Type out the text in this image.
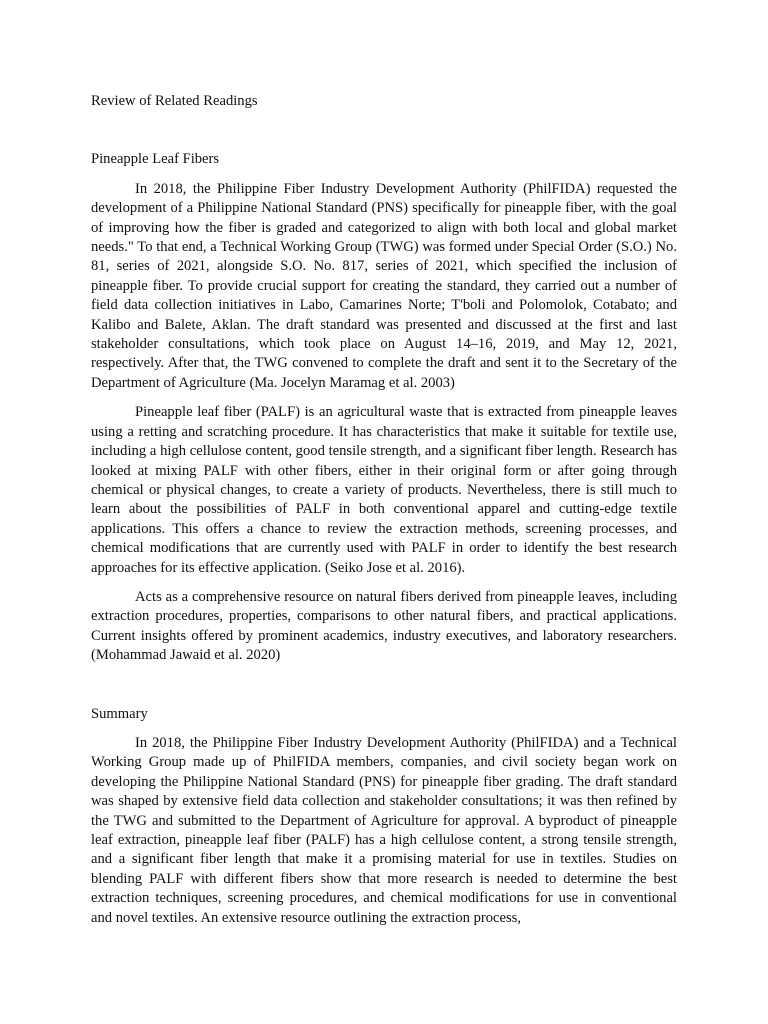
Review of Related Readings

Pineapple Leaf Fibers

In 2018, the Philippine Fiber Industry Development Authority (PhilFIDA) requested the development of a Philippine National Standard (PNS) specifically for pineapple fiber, with the goal of improving how the fiber is graded and categorized to align with both local and global market needs." To that end, a Technical Working Group (TWG) was formed under Special Order (S.O.) No. 81, series of 2021, alongside S.O. No. 817, series of 2021, which specified the inclusion of pineapple fiber. To provide crucial support for creating the standard, they carried out a number of field data collection initiatives in Labo, Camarines Norte; T'boli and Polomolok, Cotabato; and Kalibo and Balete, Aklan. The draft standard was presented and discussed at the first and last stakeholder consultations, which took place on August 14–16, 2019, and May 12, 2021, respectively. After that, the TWG convened to complete the draft and sent it to the Secretary of the Department of Agriculture (Ma. Jocelyn Maramag et al. 2003)

Pineapple leaf fiber (PALF) is an agricultural waste that is extracted from pineapple leaves using a retting and scratching procedure. It has characteristics that make it suitable for textile use, including a high cellulose content, good tensile strength, and a significant fiber length. Research has looked at mixing PALF with other fibers, either in their original form or after going through chemical or physical changes, to create a variety of products. Nevertheless, there is still much to learn about the possibilities of PALF in both conventional apparel and cutting-edge textile applications. This offers a chance to review the extraction methods, screening processes, and chemical modifications that are currently used with PALF in order to identify the best research approaches for its effective application. (Seiko Jose et al. 2016).

Acts as a comprehensive resource on natural fibers derived from pineapple leaves, including extraction procedures, properties, comparisons to other natural fibers, and practical applications. Current insights offered by prominent academics, industry executives, and laboratory researchers. (Mohammad Jawaid et al. 2020)

Summary

In 2018, the Philippine Fiber Industry Development Authority (PhilFIDA) and a Technical Working Group made up of PhilFIDA members, companies, and civil society began work on developing the Philippine National Standard (PNS) for pineapple fiber grading. The draft standard was shaped by extensive field data collection and stakeholder consultations; it was then refined by the TWG and submitted to the Department of Agriculture for approval. A byproduct of pineapple leaf extraction, pineapple leaf fiber (PALF) has a high cellulose content, a strong tensile strength, and a significant fiber length that make it a promising material for use in textiles. Studies on blending PALF with different fibers show that more research is needed to determine the best extraction techniques, screening procedures, and chemical modifications for use in conventional and novel textiles. An extensive resource outlining the extraction process,
